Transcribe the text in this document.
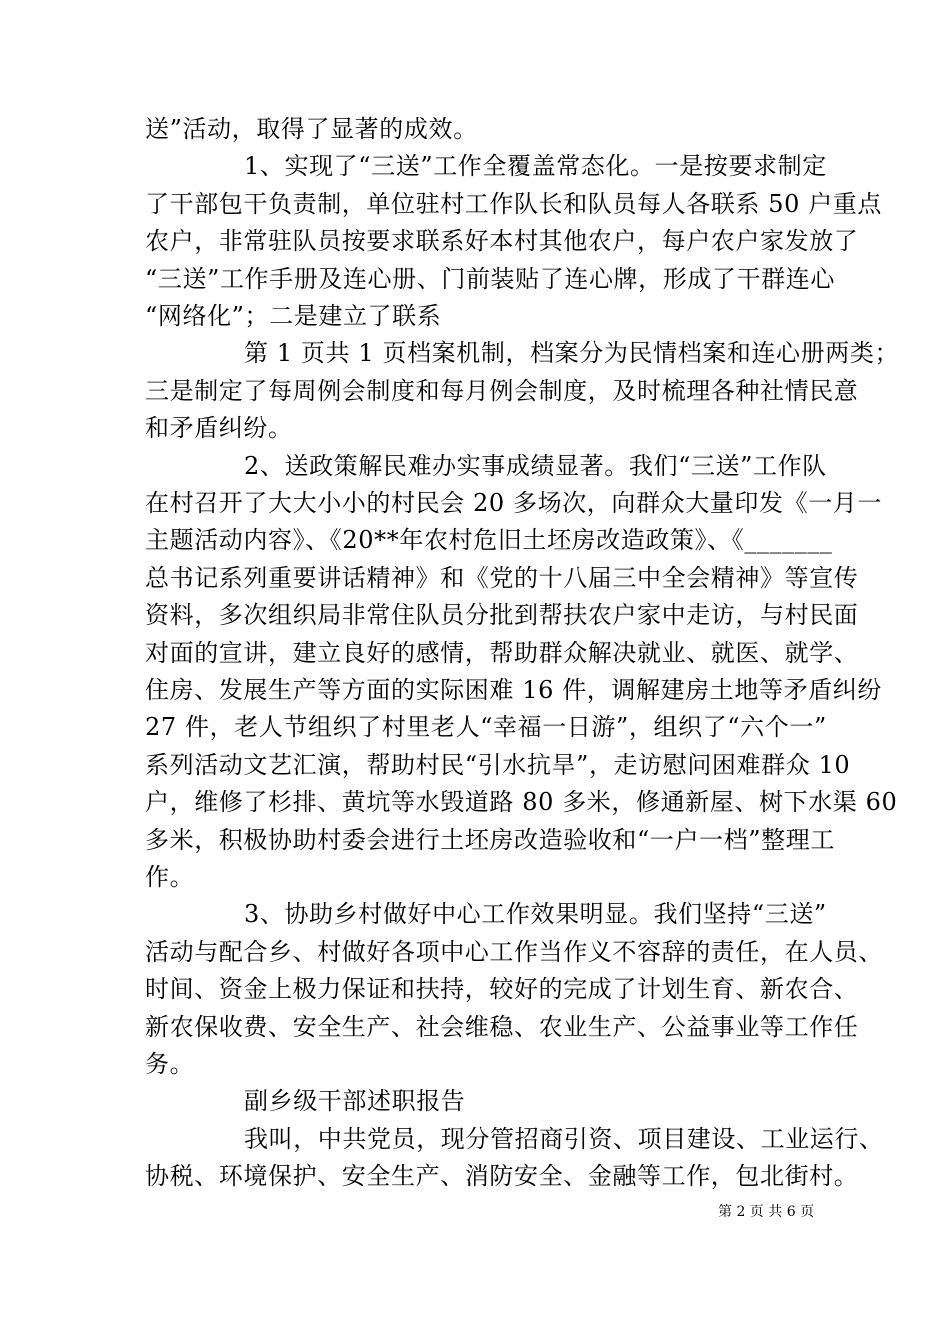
送”活动，取得了显著的成效。
1、实现了“三送”工作全覆盖常态化。一是按要求制定
了干部包干负责制，单位驻村工作队长和队员每人各联系 50 户重点
农户，非常驻队员按要求联系好本村其他农户，每户农户家发放了
“三送”工作手册及连心册、门前装贴了连心牌，形成了干群连心
“网络化”；二是建立了联系
第 1 页共 1 页档案机制，档案分为民情档案和连心册两类；
三是制定了每周例会制度和每月例会制度，及时梳理各种社情民意
和矛盾纠纷。
2、送政策解民难办实事成绩显著。我们“三送”工作队
在村召开了大大小小的村民会 20 多场次，向群众大量印发《一月一
主题活动内容》、《20**年农村危旧土坯房改造政策》、《_______
总书记系列重要讲话精神》和《党的十八届三中全会精神》等宣传
资料，多次组织局非常住队员分批到帮扶农户家中走访，与村民面
对面的宣讲，建立良好的感情，帮助群众解决就业、就医、就学、
住房、发展生产等方面的实际困难 16 件，调解建房土地等矛盾纠纷
27 件，老人节组织了村里老人“幸福一日游”，组织了“六个一”
系列活动文艺汇演，帮助村民“引水抗旱”，走访慰问困难群众 10
户，维修了杉排、黄坑等水毁道路 80 多米，修通新屋、树下水渠 60
多米，积极协助村委会进行土坯房改造验收和“一户一档”整理工
作。
3、协助乡村做好中心工作效果明显。我们坚持“三送”
活动与配合乡、村做好各项中心工作当作义不容辞的责任，在人员、
时间、资金上极力保证和扶持，较好的完成了计划生育、新农合、
新农保收费、安全生产、社会维稳、农业生产、公益事业等工作任
务。
副乡级干部述职报告
我叫，中共党员，现分管招商引资、项目建设、工业运行、
协税、环境保护、安全生产、消防安全、金融等工作，包北街村。
第 2 页 共 6 页
